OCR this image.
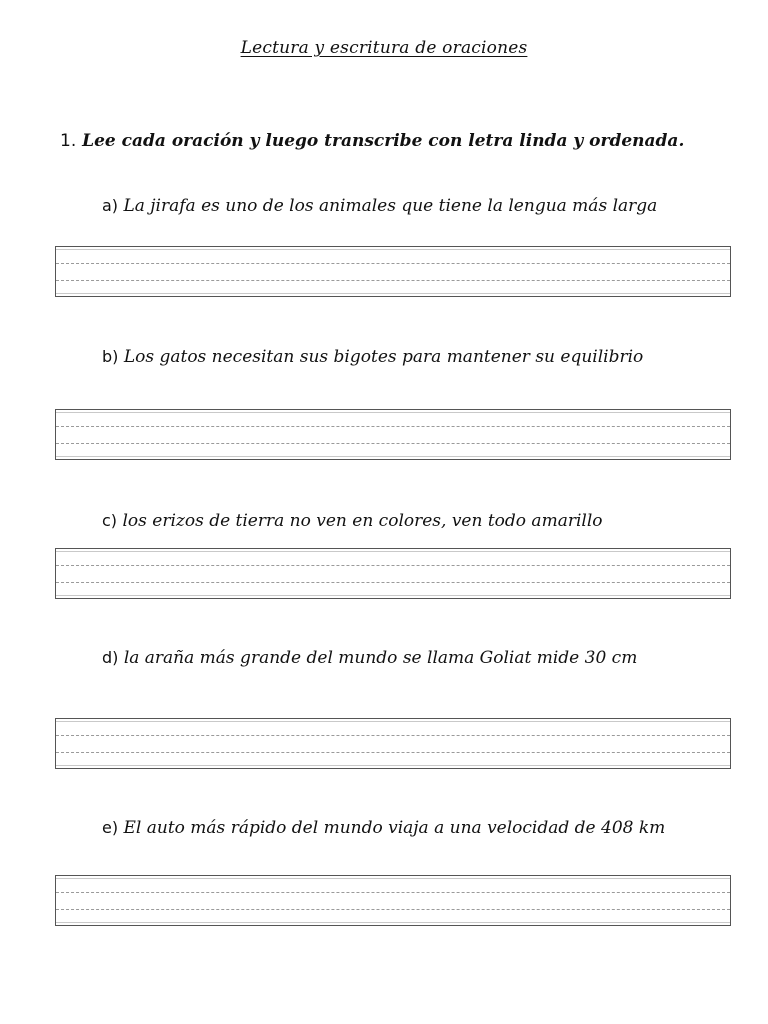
Lectura y escritura de oraciones
1. Lee cada oración y luego transcribe con letra linda y ordenada.
a) La jirafa es uno de los animales que tiene la lengua más larga
b) Los gatos necesitan sus bigotes para mantener su equilibrio
c) los erizos de tierra no ven en colores, ven todo amarillo
d) la araña más grande del mundo se llama Goliat mide 30 cm
e) El auto más rápido del mundo viaja a una velocidad de 408 km
